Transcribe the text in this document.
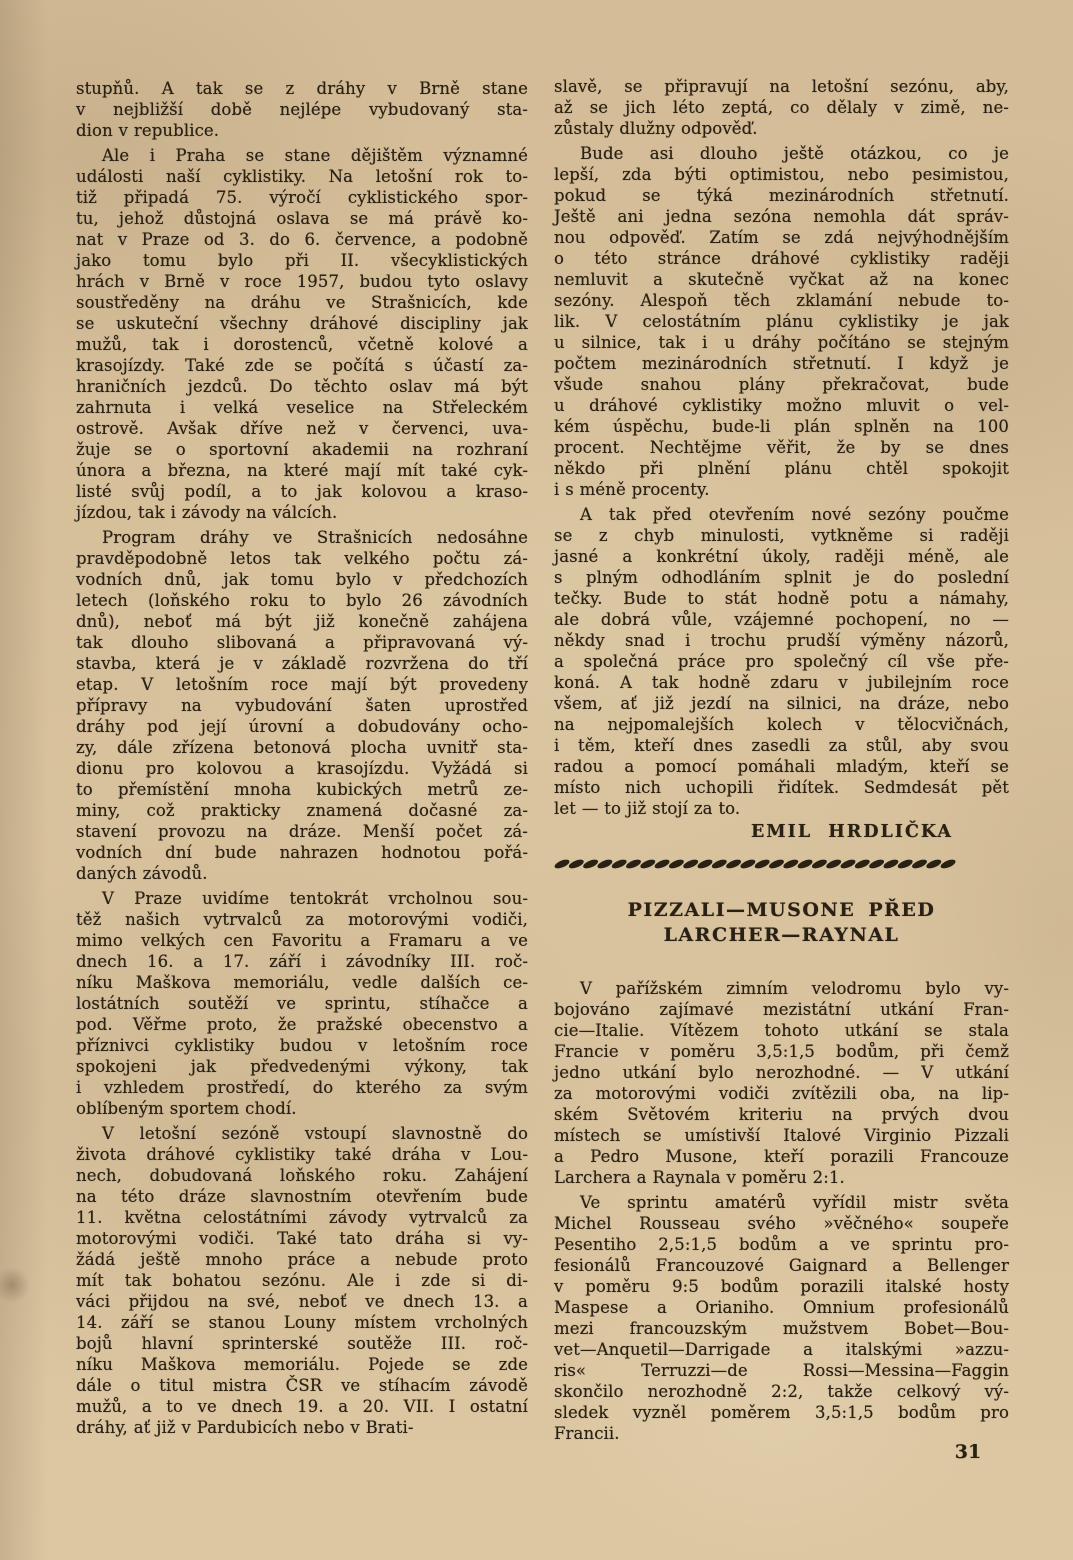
stupňů. A tak se z dráhy v Brně stane
v nejbližší době nejlépe vybudovaný sta-
dion v republice.
Ale i Praha se stane dějištěm významné
události naší cyklistiky. Na letošní rok to-
tiž připadá 75. výročí cyklistického spor-
tu, jehož důstojná oslava se má právě ko-
nat v Praze od 3. do 6. července, a podobně
jako tomu bylo při II. všecyklistických
hrách v Brně v roce 1957, budou tyto oslavy
soustředěny na dráhu ve Strašnicích, kde
se uskuteční všechny dráhové discipliny jak
mužů, tak i dorostenců, včetně kolové a
krasojízdy. Také zde se počítá s účastí za-
hraničních jezdců. Do těchto oslav má být
zahrnuta i velká veselice na Střeleckém
ostrově. Avšak dříve než v červenci, uva-
žuje se o sportovní akademii na rozhraní
února a března, na které mají mít také cyk-
listé svůj podíl, a to jak kolovou a kraso-
jízdou, tak i závody na válcích.
Program dráhy ve Strašnicích nedosáhne
pravděpodobně letos tak velkého počtu zá-
vodních dnů, jak tomu bylo v předchozích
letech (loňského roku to bylo 26 závodních
dnů), neboť má být již konečně zahájena
tak dlouho slibovaná a připravovaná vý-
stavba, která je v základě rozvržena do tří
etap. V letošním roce mají být provedeny
přípravy na vybudování šaten uprostřed
dráhy pod její úrovní a dobudovány ocho-
zy, dále zřízena betonová plocha uvnitř sta-
dionu pro kolovou a krasojízdu. Vyžádá si
to přemístění mnoha kubických metrů ze-
miny, což prakticky znamená dočasné za-
stavení provozu na dráze. Menší počet zá-
vodních dní bude nahrazen hodnotou pořá-
daných závodů.
V Praze uvidíme tentokrát vrcholnou sou-
těž našich vytrvalců za motorovými vodiči,
mimo velkých cen Favoritu a Framaru a ve
dnech 16. a 17. září i závodníky III. roč-
níku Maškova memoriálu, vedle dalších ce-
lostátních soutěží ve sprintu, stíhačce a
pod. Věřme proto, že pražské obecenstvo a
příznivci cyklistiky budou v letošním roce
spokojeni jak předvedenými výkony, tak
i vzhledem prostředí, do kterého za svým
oblíbeným sportem chodí.
V letošní sezóně vstoupí slavnostně do
života dráhové cyklistiky také dráha v Lou-
nech, dobudovaná loňského roku. Zahájení
na této dráze slavnostním otevřením bude
11. května celostátními závody vytrvalců za
motorovými vodiči. Také tato dráha si vy-
žádá ještě mnoho práce a nebude proto
mít tak bohatou sezónu. Ale i zde si di-
váci přijdou na své, neboť ve dnech 13. a
14. září se stanou Louny místem vrcholných
bojů hlavní sprinterské soutěže III. roč-
níku Maškova memoriálu. Pojede se zde
dále o titul mistra ČSR ve stíhacím závodě
mužů, a to ve dnech 19. a 20. VII. I ostatní
dráhy, ať již v Pardubicích nebo v Brati-
slavě, se připravují na letošní sezónu, aby,
až se jich léto zeptá, co dělaly v zimě, ne-
zůstaly dlužny odpověď.
Bude asi dlouho ještě otázkou, co je
lepší, zda býti optimistou, nebo pesimistou,
pokud se týká mezinárodních střetnutí.
Ještě ani jedna sezóna nemohla dát správ-
nou odpověď. Zatím se zdá nejvýhodnějším
o této stránce dráhové cyklistiky raději
nemluvit a skutečně vyčkat až na konec
sezóny. Alespoň těch zklamání nebude to-
lik. V celostátním plánu cyklistiky je jak
u silnice, tak i u dráhy počítáno se stejným
počtem mezinárodních střetnutí. I když je
všude snahou plány překračovat, bude
u dráhové cyklistiky možno mluvit o vel-
kém úspěchu, bude-li plán splněn na 100
procent. Nechtějme věřit, že by se dnes
někdo při plnění plánu chtěl spokojit
i s méně procenty.
A tak před otevřením nové sezóny poučme
se z chyb minulosti, vytkněme si raději
jasné a konkrétní úkoly, raději méně, ale
s plným odhodláním splnit je do poslední
tečky. Bude to stát hodně potu a námahy,
ale dobrá vůle, vzájemné pochopení, no —
někdy snad i trochu prudší výměny názorů,
a společná práce pro společný cíl vše pře-
koná. A tak hodně zdaru v jubilejním roce
všem, ať již jezdí na silnici, na dráze, nebo
na nejpomalejších kolech v tělocvičnách,
i těm, kteří dnes zasedli za stůl, aby svou
radou a pomocí pomáhali mladým, kteří se
místo nich uchopili řidítek. Sedmdesát pět
let — to již stojí za to.
EMIL HRDLIČKA
PIZZALI—MUSONE PŘED
LARCHER—RAYNAL
V pařížském zimním velodromu bylo vy-
bojováno zajímavé mezistátní utkání Fran-
cie—Italie. Vítězem tohoto utkání se stala
Francie v poměru 3,5:1,5 bodům, při čemž
jedno utkání bylo nerozhodné. — V utkání
za motorovými vodiči zvítězili oba, na lip-
ském Světovém kriteriu na prvých dvou
místech se umístivší Italové Virginio Pizzali
a Pedro Musone, kteří porazili Francouze
Larchera a Raynala v poměru 2:1.
Ve sprintu amatérů vyřídil mistr světa
Michel Rousseau svého »věčného« soupeře
Pesentiho 2,5:1,5 bodům a ve sprintu pro-
fesionálů Francouzové Gaignard a Bellenger
v poměru 9:5 bodům porazili italské hosty
Maspese a Orianiho. Omnium profesionálů
mezi francouzským mužstvem Bobet—Bou-
vet—Anquetil—Darrigade a italskými »azzu-
ris« Terruzzi—de Rossi—Messina—Faggin
skončilo nerozhodně 2:2, takže celkový vý-
sledek vyzněl poměrem 3,5:1,5 bodům pro
Francii.
31
